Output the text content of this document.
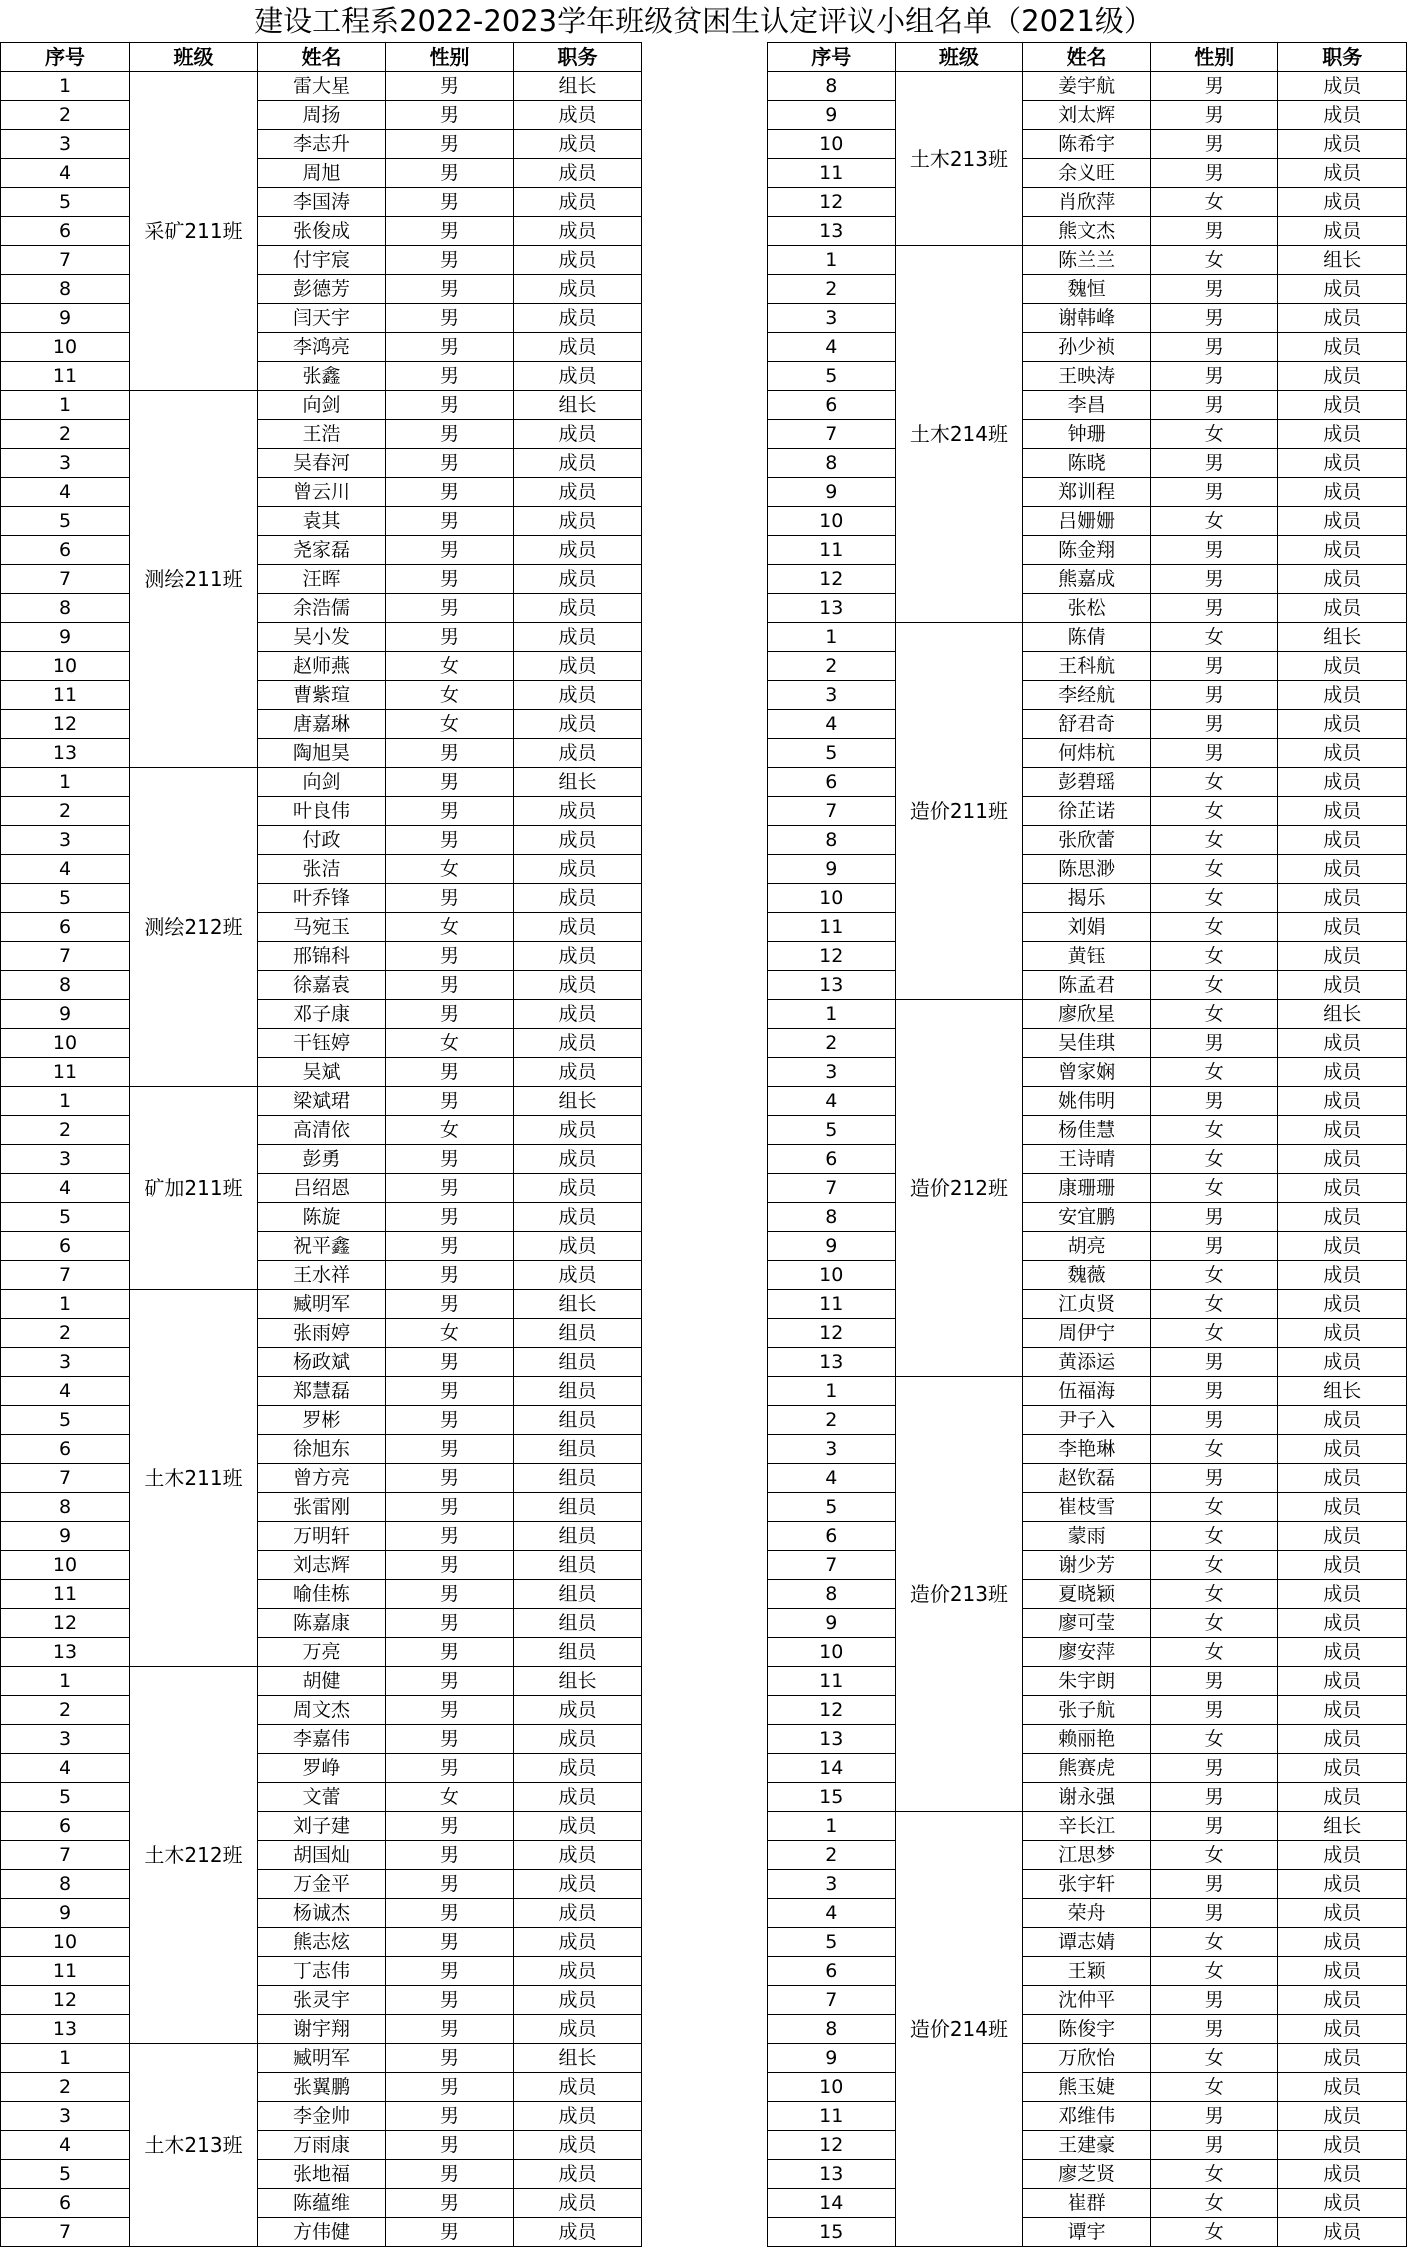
建设工程系2022-2023学年班级贫困生认定评议小组名单（2021级）
序号	班级	姓名	性别	职务
1	采矿211班	雷大星	男	组长
2		周扬	男	成员
3		李志升	男	成员
4		周旭	男	成员
5		李国涛	男	成员
6		张俊成	男	成员
7		付宇宸	男	成员
8		彭德芳	男	成员
9		闫天宇	男	成员
10		李鸿亮	男	成员
11		张鑫	男	成员
1	测绘211班	向剑	男	组长
2		王浩	男	成员
3		吴春河	男	成员
4		曾云川	男	成员
5		袁其	男	成员
6		尧家磊	男	成员
7		汪晖	男	成员
8		余浩儒	男	成员
9		吴小发	男	成员
10		赵师燕	女	成员
11		曹紫瑄	女	成员
12		唐嘉琳	女	成员
13		陶旭昊	男	成员
1	测绘212班	向剑	男	组长
2		叶良伟	男	成员
3		付政	男	成员
4		张洁	女	成员
5		叶乔锋	男	成员
6		马宛玉	女	成员
7		邢锦科	男	成员
8		徐嘉袁	男	成员
9		邓子康	男	成员
10		干钰婷	女	成员
11		吴斌	男	成员
1	矿加211班	梁斌珺	男	组长
2		高清依	女	成员
3		彭勇	男	成员
4		吕绍恩	男	成员
5		陈旋	男	成员
6		祝平鑫	男	成员
7		王水祥	男	成员
1	土木211班	臧明军	男	组长
2		张雨婷	女	组员
3		杨政斌	男	组员
4		郑慧磊	男	组员
5		罗彬	男	组员
6		徐旭东	男	组员
7		曾方亮	男	组员
8		张雷刚	男	组员
9		万明轩	男	组员
10		刘志辉	男	组员
11		喻佳栋	男	组员
12		陈嘉康	男	组员
13		万亮	男	组员
1	土木212班	胡健	男	组长
2		周文杰	男	成员
3		李嘉伟	男	成员
4		罗峥	男	成员
5		文蕾	女	成员
6		刘子建	男	成员
7		胡国灿	男	成员
8		万金平	男	成员
9		杨诚杰	男	成员
10		熊志炫	男	成员
11		丁志伟	男	成员
12		张灵宇	男	成员
13		谢宇翔	男	成员
1	土木213班	臧明军	男	组长
2		张翼鹏	男	成员
3		李金帅	男	成员
4		万雨康	男	成员
5		张地福	男	成员
6		陈蕴维	男	成员
7		方伟健	男	成员
序号	班级	姓名	性别	职务
8	土木213班	姜宇航	男	成员
9		刘太辉	男	成员
10		陈希宇	男	成员
11		余义旺	男	成员
12		肖欣萍	女	成员
13		熊文杰	男	成员
1	土木214班	陈兰兰	女	组长
2		魏恒	男	成员
3		谢韩峰	男	成员
4		孙少祯	男	成员
5		王映涛	男	成员
6		李昌	男	成员
7		钟珊	女	成员
8		陈晓	男	成员
9		郑训程	男	成员
10		吕姗姗	女	成员
11		陈金翔	男	成员
12		熊嘉成	男	成员
13		张松	男	成员
1	造价211班	陈倩	女	组长
2		王科航	男	成员
3		李经航	男	成员
4		舒君奇	男	成员
5		何炜杭	男	成员
6		彭碧瑶	女	成员
7		徐芷诺	女	成员
8		张欣蕾	女	成员
9		陈思渺	女	成员
10		揭乐	女	成员
11		刘娟	女	成员
12		黄钰	女	成员
13		陈孟君	女	成员
1	造价212班	廖欣星	女	组长
2		吴佳琪	男	成员
3		曾家娴	女	成员
4		姚伟明	男	成员
5		杨佳慧	女	成员
6		王诗晴	女	成员
7		康珊珊	女	成员
8		安宜鹏	男	成员
9		胡亮	男	成员
10		魏薇	女	成员
11		江贞贤	女	成员
12		周伊宁	女	成员
13		黄添运	男	成员
1	造价213班	伍福海	男	组长
2		尹子入	男	成员
3		李艳琳	女	成员
4		赵钦磊	男	成员
5		崔枝雪	女	成员
6		蒙雨	女	成员
7		谢少芳	女	成员
8		夏晓颖	女	成员
9		廖可莹	女	成员
10		廖安萍	女	成员
11		朱宇朗	男	成员
12		张子航	男	成员
13		赖丽艳	女	成员
14		熊赛虎	男	成员
15		谢永强	男	成员
1	造价214班	辛长江	男	组长
2		江思梦	女	成员
3		张宇轩	男	成员
4		荣舟	男	成员
5		谭志婧	女	成员
6		王颖	女	成员
7		沈仲平	男	成员
8		陈俊宇	男	成员
9		万欣怡	女	成员
10		熊玉婕	女	成员
11		邓维伟	男	成员
12		王建豪	男	成员
13		廖芝贤	女	成员
14		崔群	女	成员
15		谭宇	女	成员
